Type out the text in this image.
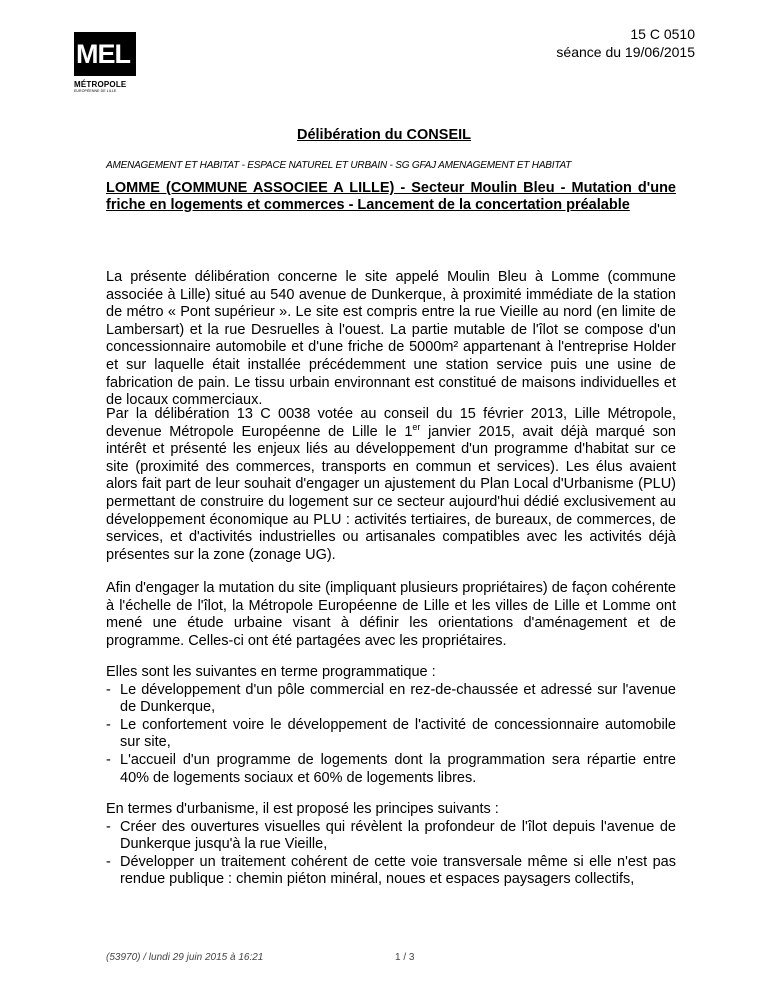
MEL
MÉTROPOLE
EUROPÉENNE DE LILLE
15 C 0510
séance du 19/06/2015
Délibération du CONSEIL
AMENAGEMENT ET HABITAT - ESPACE NATUREL ET URBAIN - SG GFAJ AMENAGEMENT ET HABITAT
LOMME (COMMUNE ASSOCIEE A LILLE) - Secteur Moulin Bleu - Mutation d'une friche en logements et commerces - Lancement de la concertation préalable
La présente délibération concerne le site appelé Moulin Bleu à Lomme (commune associée à Lille) situé au 540 avenue de Dunkerque, à proximité immédiate de la station de métro « Pont supérieur ». Le site est compris entre la rue Vieille au nord (en limite de Lambersart) et la rue Desruelles à l'ouest. La partie mutable de l'îlot se compose d'un concessionnaire automobile et d'une friche de 5000m² appartenant à l'entreprise Holder et sur laquelle était installée précédemment une station service puis une usine de fabrication de pain. Le tissu urbain environnant est constitué de maisons individuelles et de locaux commerciaux.
Par la délibération 13 C 0038 votée au conseil du 15 février 2013, Lille Métropole, devenue Métropole Européenne de Lille le 1er janvier 2015, avait déjà marqué son intérêt et présenté les enjeux liés au développement d'un programme d'habitat sur ce site (proximité des commerces, transports en commun et services). Les élus avaient alors fait part de leur souhait d'engager un ajustement du Plan Local d'Urbanisme (PLU) permettant de construire du logement sur ce secteur aujourd'hui dédié exclusivement au développement économique au PLU : activités tertiaires, de bureaux, de commerces, de services, et d'activités industrielles ou artisanales compatibles avec les activités déjà présentes sur la zone (zonage UG).
Afin d'engager la mutation du site (impliquant plusieurs propriétaires) de façon cohérente à l'échelle de l'îlot, la Métropole Européenne de Lille et les villes de Lille et Lomme ont mené une étude urbaine visant à définir les orientations d'aménagement et de programme. Celles-ci ont été partagées avec les propriétaires.
Elles sont les suivantes en terme programmatique :
- Le développement d'un pôle commercial en rez-de-chaussée et adressé sur l'avenue de Dunkerque,
- Le confortement voire le développement de l'activité de concessionnaire automobile sur site,
- L'accueil d'un programme de logements dont la programmation sera répartie entre 40% de logements sociaux et 60% de logements libres.
En termes d'urbanisme, il est proposé les principes suivants :
- Créer des ouvertures visuelles qui révèlent la profondeur de l'îlot depuis l'avenue de Dunkerque jusqu'à la rue Vieille,
- Développer un traitement cohérent de cette voie transversale même si elle n'est pas rendue publique : chemin piéton minéral, noues et espaces paysagers collectifs,
(53970) / lundi 29 juin 2015 à 16:21	1 / 3
